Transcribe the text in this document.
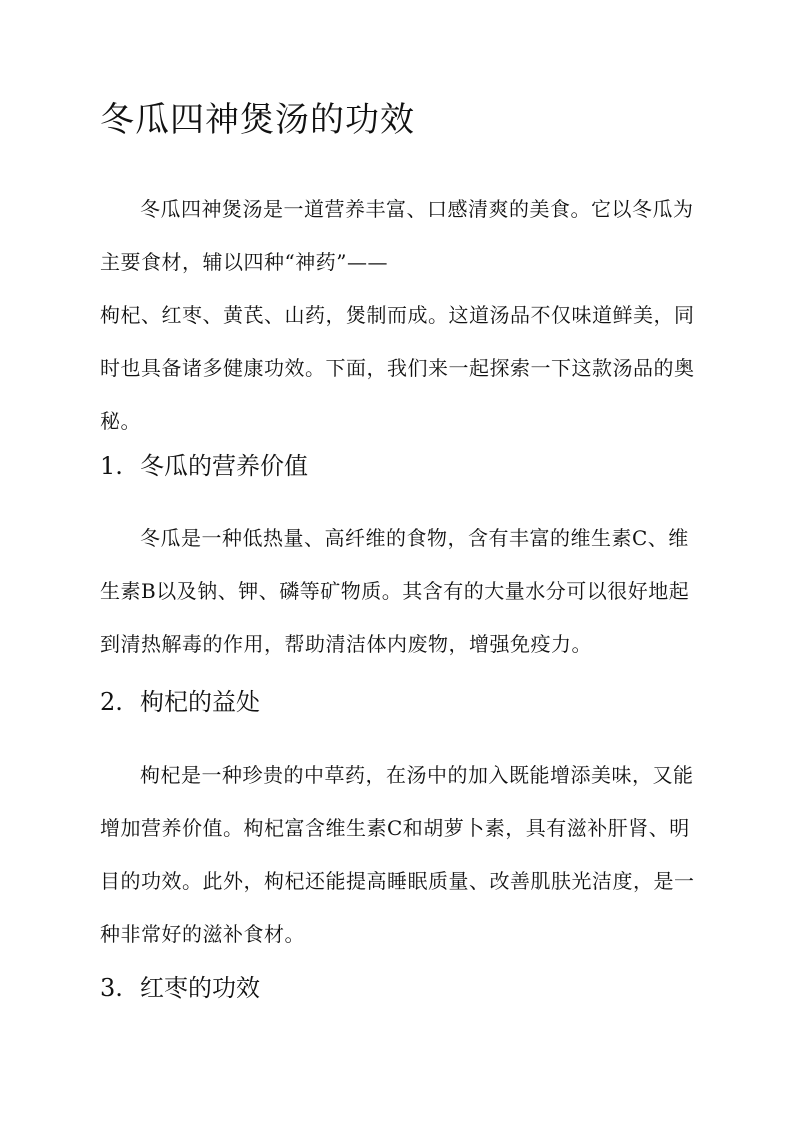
冬瓜四神煲汤的功效

冬瓜四神煲汤是一道营养丰富、口感清爽的美食。它以冬瓜为
主要食材，辅以四种“神药”——
枸杞、红枣、黄芪、山药，煲制而成。这道汤品不仅味道鲜美，同
时也具备诸多健康功效。下面，我们来一起探索一下这款汤品的奥
秘。

1. 冬瓜的营养价值

冬瓜是一种低热量、高纤维的食物，含有丰富的维生素C、维
生素B以及钠、钾、磷等矿物质。其含有的大量水分可以很好地起
到清热解毒的作用，帮助清洁体内废物，增强免疫力。

2. 枸杞的益处

枸杞是一种珍贵的中草药，在汤中的加入既能增添美味，又能
增加营养价值。枸杞富含维生素C和胡萝卜素，具有滋补肝肾、明
目的功效。此外，枸杞还能提高睡眠质量、改善肌肤光洁度，是一
种非常好的滋补食材。

3. 红枣的功效
